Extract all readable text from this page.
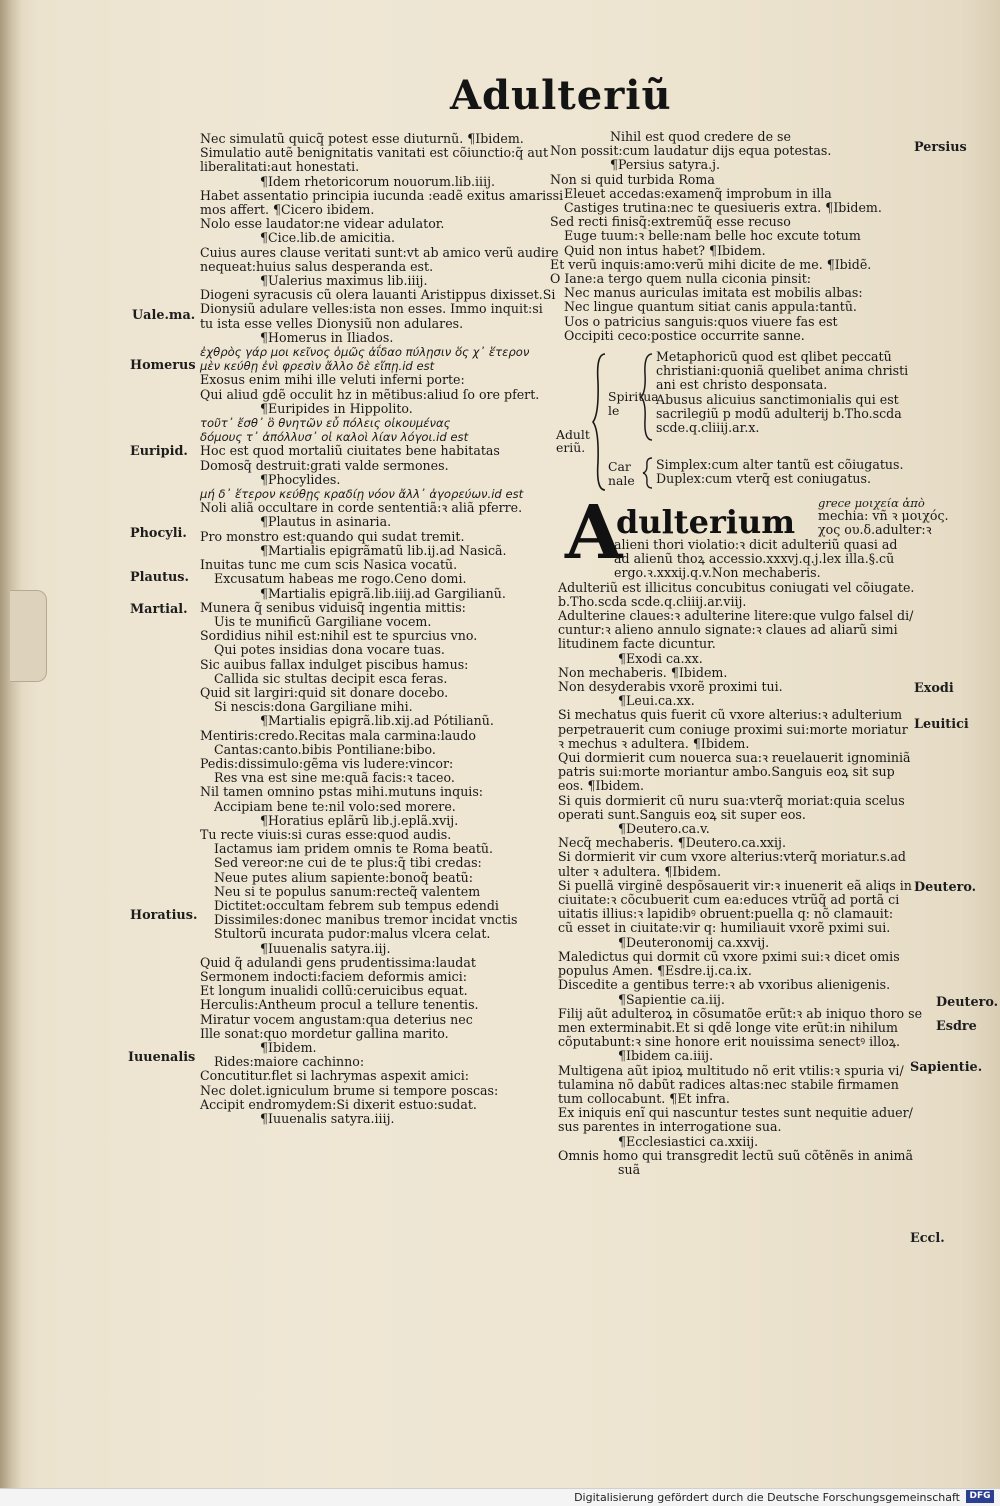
Adulteriũ

Nec simulatũ quicq̃ potest esse diuturnũ. ¶Ibidem.

Simulatio autẽ benignitatis vanitati est cõiunctio:q̃ aut

liberalitati:aut honestati.

¶Idem rhetoricorum nouorum.lib.iiij.

Habet assentatio principia iucunda :eadẽ exitus amarissi

mos affert. ¶Cicero ibidem.

Nolo esse laudator:ne videar adulator.

¶Cice.lib.de amicitia.

Cuius aures clause veritati sunt:vt ab amico verũ audire

nequeat:huius salus desperanda est.

¶Ualerius maximus lib.iiij.

Diogeni syracusis cũ olera lauanti Aristippus dixisset.Si

Dionysiũ adulare velles:ista non esses. Immo inquit:si

tu ista esse velles Dionysiũ non adulares.

¶Homerus in Iliados.

ἐχθρὸς γάρ μοι κεῖνος ὁμῶς ἀΐδαο πύλῃσιν ὅς χ᾽ ἕτερον

μὲν κεύθῃ ἐνὶ φρεσὶν ἄλλο δὲ εἴπῃ.id est

Exosus enim mihi ille veluti inferni porte:

Qui aliud gdẽ occulit hz in mẽtibus:aliud ſo ore pfert.

¶Euripides in Hippolito.

τοῦτ᾽ ἔσθ᾽ ὃ θνητῶν εὖ πόλεις οἰκουμένας

δόμους τ᾽ ἀπόλλυσ᾽ οἱ καλοὶ λίαν λόγοι.id est

Hoc est quod mortaliũ ciuitates bene habitatas

Domosq̃ destruit:grati valde sermones.

¶Phocylides.

μή δ᾽ ἕτερον κεύθῃς κραδίῃ νόον ἄλλ᾽ ἀγορεύων.id est

Noli aliã occultare in corde sententiã:ꝛ aliã pferre.

¶Plautus in asinaria.

Pro monstro est:quando qui sudat tremit.

¶Martialis epigrãmatũ lib.ij.ad Nasicã.

Inuitas tunc me cum scis Nasica vocatũ.

Excusatum habeas me rogo.Ceno domi.

¶Martialis epigrã.lib.iiij.ad Gargilianũ.

Munera q̃ senibus viduisq̃ ingentia mittis:

Uis te munificũ Gargiliane vocem.

Sordidius nihil est:nihil est te spurcius vno.

Qui potes insidias dona vocare tuas.

Sic auibus fallax indulget piscibus hamus:

Callida sic stultas decipit esca feras.

Quid sit largiri:quid sit donare docebo.

Si nescis:dona Gargiliane mihi.

¶Martialis epigrã.lib.xij.ad Pótilianũ.

Mentiris:credo.Recitas mala carmina:laudo

Cantas:canto.bibis Pontiliane:bibo.

Pedis:dissimulo:gẽma vis ludere:vincor:

Res vna est sine me:quã facis:ꝛ taceo.

Nil tamen omnino pstas mihi.mutuns inquis:

Accipiam bene te:nil volo:sed morere.

¶Horatius eplãrũ lib.j.eplã.xvij.

Tu recte viuis:si curas esse:quod audis.

Iactamus iam pridem omnis te Roma beatũ.

Sed vereor:ne cui de te plus:q̃ tibi credas:

Neue putes alium sapiente:bonoq̃ beatũ:

Neu si te populus sanum:recteq̃ valentem

Dictitet:occultam febrem sub tempus edendi

Dissimiles:donec manibus tremor incidat vnctis

Stultorũ incurata pudor:malus vlcera celat.

¶Iuuenalis satyra.iij.

Quid q̃ adulandi gens prudentissima:laudat

Sermonem indocti:faciem deformis amici:

Et longum inualidi collũ:ceruicibus equat.

Herculis:Antheum procul a tellure tenentis.

Miratur vocem angustam:qua deterius nec

Ille sonat:quo mordetur gallina marito.

¶Ibidem.

Rides:maiore cachinno:

Concutitur.flet si lachrymas aspexit amici:

Nec dolet.igniculum brume si tempore poscas:

Accipit endromydem:Si dixerit estuo:sudat.

¶Iuuenalis satyra.iiij.

Uale.ma.
Homerus
Euripid.
Phocyli.
Plautus.
Martial.
Horatius.
Iuuenalis

Nihil est quod credere de se

Non possit:cum laudatur dijs equa potestas.

¶Persius satyra.j.

Non si quid turbida Roma

Eleuet accedas:examenq̃ improbum in illa

Castiges trutina:nec te quesiueris extra. ¶Ibidem.

Sed recti finisq̃:extremũq̃ esse recuso

Euge tuum:ꝛ belle:nam belle hoc excute totum

Quid non intus habet? ¶Ibidem.

Et verũ inquis:amo:verũ mihi dicite de me. ¶Ibidẽ.

O Iane:a tergo quem nulla ciconia pinsit:

Nec manus auriculas imitata est mobilis albas:

Nec lingue quantum sitiat canis appula:tantũ.

Uos o patricius sanguis:quos viuere fas est

Occipiti ceco:postice occurrite sanne.

Adulteriũ.
Spiritua le
Car nale

Metaphoricũ quod est qlibet peccatũ

christiani:quoniã quelibet anima christi

ani est christo desponsata.

Abusus alicuius sanctimonialis qui est

sacrilegiũ p modũ adulterij b.Tho.scda

scde.q.cliiij.ar.x.

Simplex:cum alter tantũ est cõiugatus.

Duplex:cum vterq̃ est coniugatus.

A
dulterium grece μοιχεία ἀπὸ

mechia: vñ ꝛ μοιχός.

χος ου.δ.adulter:ꝛ

alieni thori violatio:ꝛ dicit adulteriũ quasi ad

ad alienũ thoꝝ accessio.xxxvj.q.j.lex illa.§.cũ

ergo.ꝛ.xxxij.q.v.Non mechaberis.

Adulteriũ est illicitus concubitus coniugati vel cõiugate.

b.Tho.scda scde.q.cliiij.ar.viij.

Adulterine claues:ꝛ adulterine litere:que vulgo falsel di/

cuntur:ꝛ alieno annulo signate:ꝛ claues ad aliarũ simi

litudinem facte dicuntur.

¶Exodi ca.xx.

Non mechaberis. ¶Ibidem.

Non desyderabis vxorẽ proximi tui.

¶Leui.ca.xx.

Si mechatus quis fuerit cũ vxore alterius:ꝛ adulterium

perpetrauerit cum coniuge proximi sui:morte moriatur

ꝛ mechus ꝛ adultera. ¶Ibidem.

Qui dormierit cum nouerca sua:ꝛ reuelauerit ignominiã

patris sui:morte moriantur ambo.Sanguis eoꝝ sit sup

eos. ¶Ibidem.

Si quis dormierit cũ nuru sua:vterq̃ moriat:quia scelus

operati sunt.Sanguis eoꝝ sit super eos.

¶Deutero.ca.v.

Necq̃ mechaberis. ¶Deutero.ca.xxij.

Si dormierit vir cum vxore alterius:vterq̃ moriatur.s.ad

ulter ꝛ adultera. ¶Ibidem.

Si puellã virginẽ despõsauerit vir:ꝛ inuenerit eã aliqs in

ciuitate:ꝛ cõcubuerit cum ea:educes vtrũq̃ ad portã ci

uitatis illius:ꝛ lapidibꝰ obruent:puella q: nõ clamauit:

cũ esset in ciuitate:vir q: humiliauit vxorẽ pximi sui.

¶Deuteronomij ca.xxvij.

Maledictus qui dormit cũ vxore pximi sui:ꝛ dicet omis

populus Amen. ¶Esdre.ij.ca.ix.

Discedite a gentibus terre:ꝛ ab vxoribus alienigenis.

¶Sapientie ca.iij.

Filij aũt adulteroꝝ in cõsumatõe erũt:ꝛ ab iniquo thoro se

men exterminabit.Et si qdẽ longe vite erũt:in nihilum

cõputabunt:ꝛ sine honore erit nouissima senectꝰ illoꝝ.

¶Ibidem ca.iiij.

Multigena aũt ipioꝝ multitudo nõ erit vtilis:ꝛ spuria vi/

tulamina nõ dabũt radices altas:nec stabile firmamen

tum collocabunt. ¶Et infra.

Ex iniquis enĩ qui nascuntur testes sunt nequitie aduer/

sus parentes in interrogatione sua.

¶Ecclesiastici ca.xxiij.

Omnis homo qui transgredit lectũ suũ cõtẽnẽs in animã

suã

Persius
Exodi
Leuitici
Deutero.
Deutero.
Esdre
Sapientie.
Eccl.
Digitalisierung gefördert durch die Deutsche Forschungsgemeinschaft	DFG
